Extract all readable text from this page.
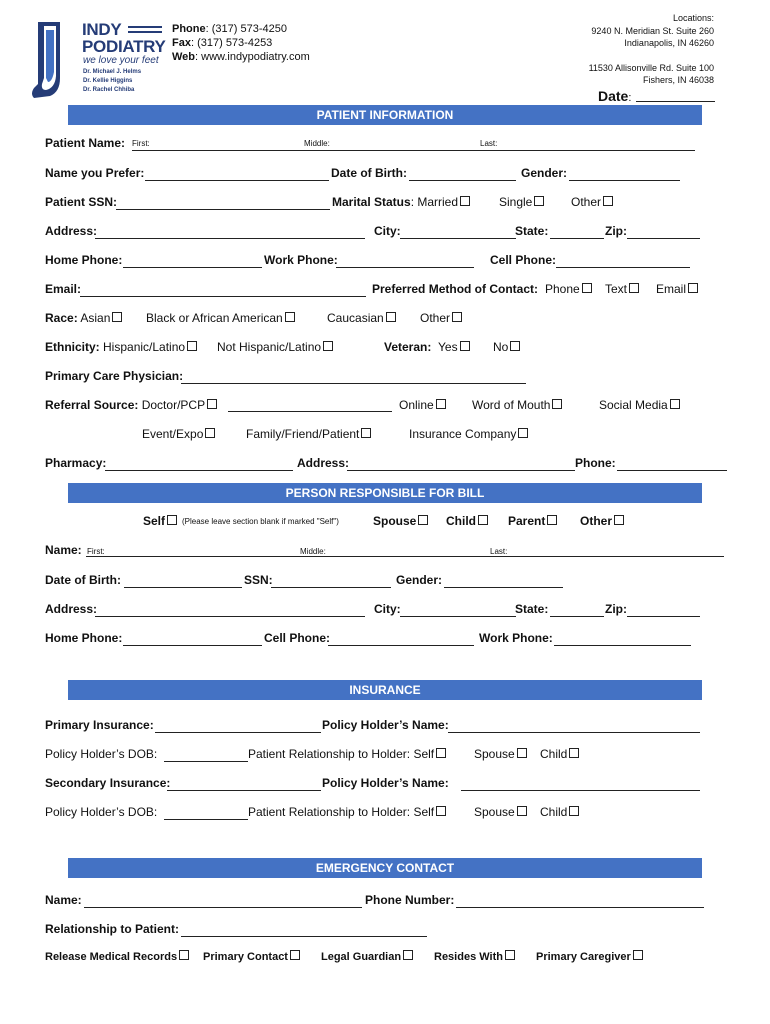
INDY
PODIATRY
we love your feet
Dr. Michael J. Helms
Dr. Kellie Higgins
Dr. Rachel Chhiba
Phone: (317) 573-4250
Fax: (317) 573-4253
Web: www.indypodiatry.com
Locations:
9240 N. Meridian St. Suite 260
Indianapolis, IN 46260
11530 Allisonville Rd. Suite 100
Fishers, IN 46038
Date:
PATIENT INFORMATION
Patient Name: First:	Middle:	Last:
Name you Prefer:	Date of Birth:	Gender:
Patient SSN:	Marital Status: Married	Single	Other
Address:	City:	State:	Zip:
Home Phone:	Work Phone:	Cell Phone:
Email:	Preferred Method of Contact: Phone	Text	Email
Race: Asian	Black or African American	Caucasian	Other
Ethnicity: Hispanic/Latino	Not Hispanic/Latino	Veteran: Yes	No
Primary Care Physician:
Referral Source: Doctor/PCP	Online	Word of Mouth	Social Media
Event/Expo	Family/Friend/Patient	Insurance Company
Pharmacy:	Address:	Phone:
PERSON RESPONSIBLE FOR BILL
Self	(Please leave section blank if marked "Self")	Spouse	Child	Parent	Other
Name: First:	Middle:	Last:
Date of Birth:	SSN:	Gender:
Address:	City:	State:	Zip:
Home Phone:	Cell Phone:	Work Phone:
INSURANCE
Primary Insurance:	Policy Holder’s Name:
Policy Holder’s DOB:	Patient Relationship to Holder: Self	Spouse	Child
Secondary Insurance:	Policy Holder’s Name:
Policy Holder’s DOB:	Patient Relationship to Holder: Self	Spouse	Child
EMERGENCY CONTACT
Name:	Phone Number:
Relationship to Patient:
Release Medical Records	Primary Contact	Legal Guardian	Resides With	Primary Caregiver
